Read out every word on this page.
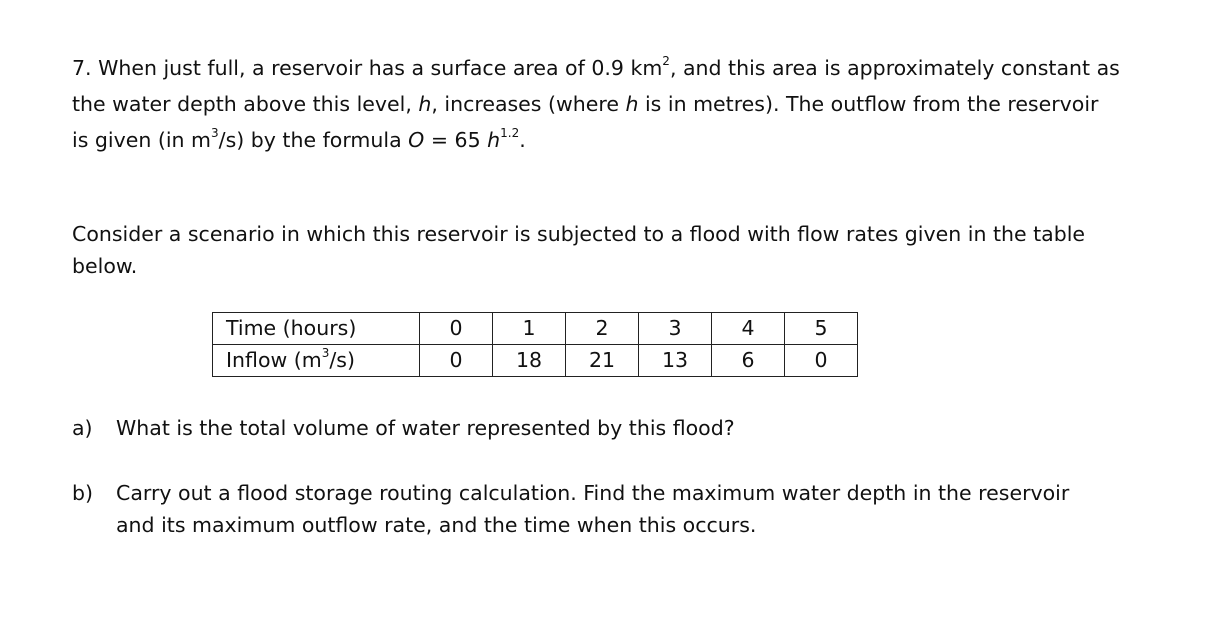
7. When just full, a reservoir has a surface area of 0.9 $km^2$, and this area is approximately constant as
the water depth above this level, h, increases (where h is in metres). The outflow from the reservoir
is given (in $m^3/s$) by the formula O = 65 $h^{1.2}$.
Consider a scenario in which this reservoir is subjected to a flood with flow rates given in the table
below.
Time (hours)	0	1	2	3	4	5
Inflow $(m^3/s)$	0	18	21	13	6	0
a) What is the total volume of water represented by this flood?
b) Carry out a flood storage routing calculation. Find the maximum water depth in the reservoir
and its maximum outflow rate, and the time when this occurs.
